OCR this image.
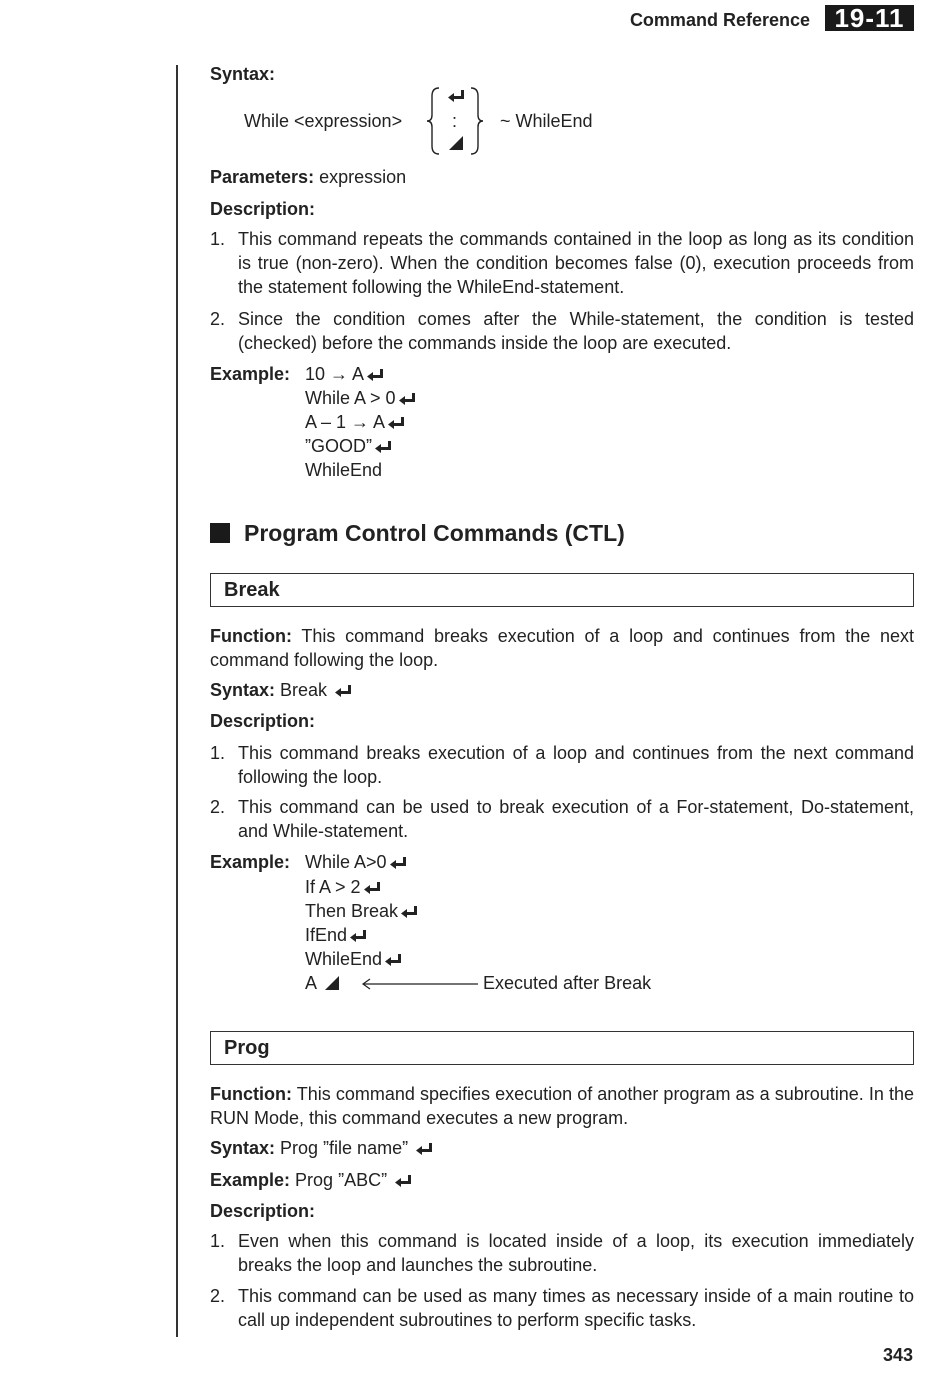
Command Reference 19-11
Syntax:
While <expression>	: ~ WhileEnd
Parameters: expression
Description:
1. This command repeats the commands contained in the loop as long as its condition is true (non-zero). When the condition becomes false (0), execution proceeds from the statement following the WhileEnd-statement.
2. Since the condition comes after the While-statement, the condition is tested (checked) before the commands inside the loop are executed.
Example: 10 → A
While A > 0
A – 1 → A
”GOOD”
WhileEnd
Program Control Commands (CTL)
Break
Function: This command breaks execution of a loop and continues from the next command following the loop.
Syntax: Break
Description:
1. This command breaks execution of a loop and continues from the next command following the loop.
2. This command can be used to break execution of a For-statement, Do-statement, and While-statement.
Example: While A>0
If A > 2
Then Break
IfEnd
WhileEnd
A	Executed after Break
Prog
Function: This command specifies execution of another program as a subroutine. In the RUN Mode, this command executes a new program.
Syntax: Prog ”file name”
Example: Prog ”ABC”
Description:
1. Even when this command is located inside of a loop, its execution immediately breaks the loop and launches the subroutine.
2. This command can be used as many times as necessary inside of a main routine to call up independent subroutines to perform specific tasks.
343
